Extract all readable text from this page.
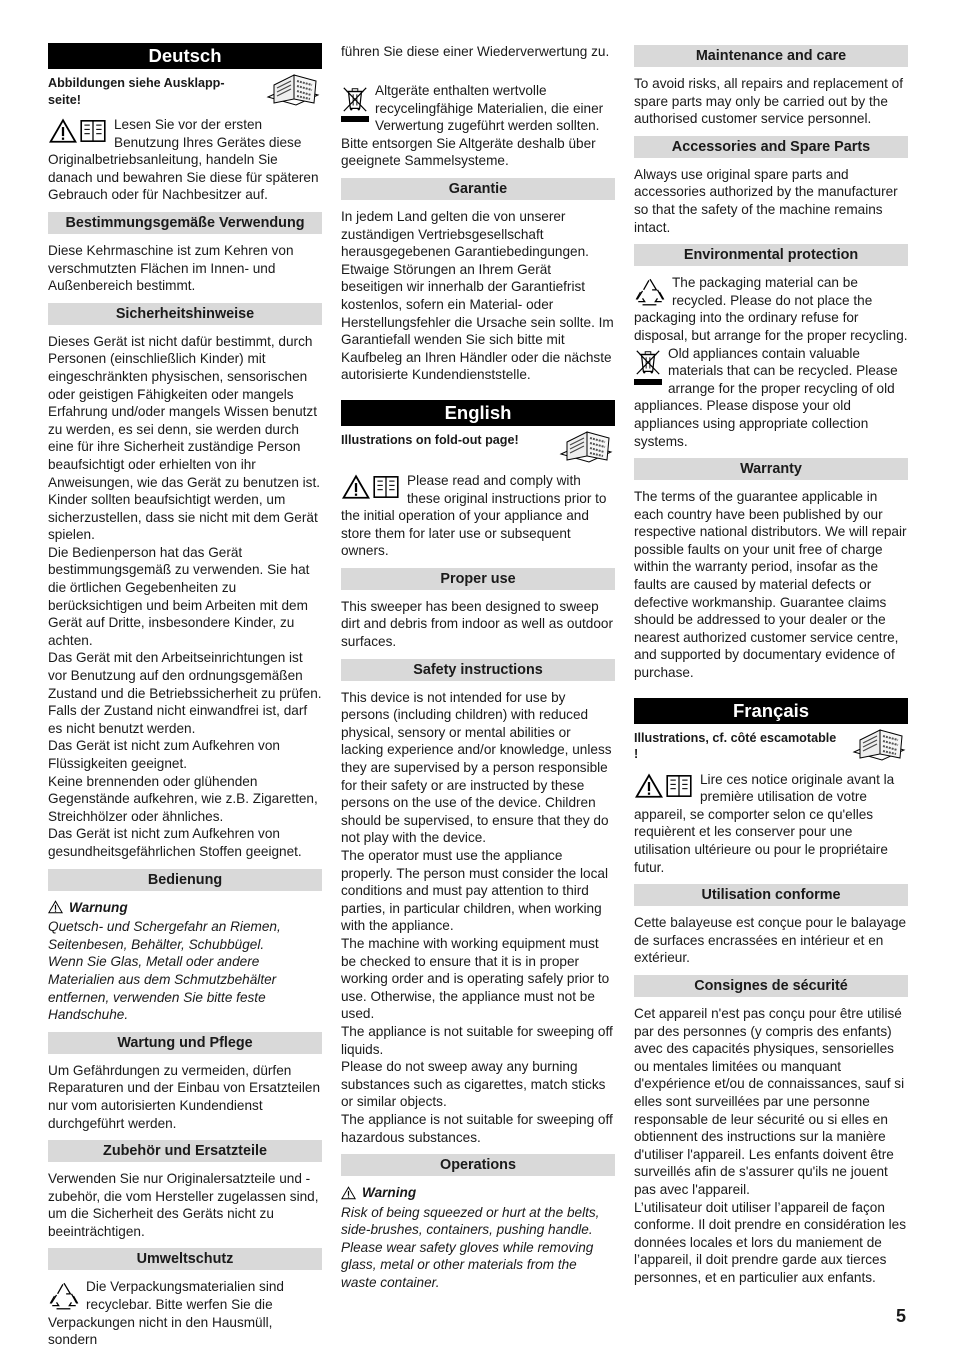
Deutsch
Abbildungen siehe Ausklapp-seite!

Lesen Sie vor der ersten Benutzung Ihres Gerätes diese Originalbetriebsanleitung, handeln Sie danach und bewahren Sie diese für späteren Gebrauch oder für Nachbesitzer auf.

Bestimmungsgemäße Verwendung

Diese Kehrmaschine ist zum Kehren von verschmutzten Flächen im Innen- und Außenbereich bestimmt.

Sicherheitshinweise

Dieses Gerät ist nicht dafür bestimmt, durch Personen (einschließlich Kinder) mit eingeschränkten physischen, sensorischen oder geistigen Fähigkeiten oder mangels Erfahrung und/oder mangels Wissen benutzt zu werden, es sei denn, sie werden durch eine für ihre Sicherheit zuständige Person beaufsichtigt oder erhielten von ihr Anweisungen, wie das Gerät zu benutzen ist. Kinder sollten beaufsichtigt werden, um sicherzustellen, dass sie nicht mit dem Gerät spielen.

Die Bedienperson hat das Gerät bestimmungsgemäß zu verwenden. Sie hat die örtlichen Gegebenheiten zu berücksichtigen und beim Arbeiten mit dem Gerät auf Dritte, insbesondere Kinder, zu achten.

Das Gerät mit den Arbeitseinrichtungen ist vor Benutzung auf den ordnungsgemäßen Zustand und die Betriebssicherheit zu prüfen. Falls der Zustand nicht einwandfrei ist, darf es nicht benutzt werden.

Das Gerät ist nicht zum Aufkehren von Flüssigkeiten geeignet.

Keine brennenden oder glühenden Gegenstände aufkehren, wie z.B. Zigaretten, Streichhölzer oder ähnliches.

Das Gerät ist nicht zum Aufkehren von gesundheitsgefährlichen Stoffen geeignet.

Bedienung
Warnung

Quetsch- und Schergefahr an Riemen, Seitenbesen, Behälter, Schubbügel.

Wenn Sie Glas, Metall oder andere Materialien aus dem Schmutzbehälter entfernen, verwenden Sie bitte feste Handschuhe.

Wartung und Pflege

Um Gefährdungen zu vermeiden, dürfen Reparaturen und der Einbau von Ersatzteilen nur vom autorisierten Kundendienst durchgeführt werden.

Zubehör und Ersatzteile

Verwenden Sie nur Originalersatzteile und -zubehör, die vom Hersteller zugelassen sind, um die Sicherheit des Geräts nicht zu beeinträchtigen.

Umweltschutz

Die Verpackungsmaterialien sind recyclebar. Bitte werfen Sie die Verpackungen nicht in den Hausmüll, sondern

führen Sie diese einer Wiederverwertung zu.

Altgeräte enthalten wertvolle recycelingfähige Materialien, die einer Verwertung zugeführt werden sollten. Bitte entsorgen Sie Altgeräte deshalb über geeignete Sammelsysteme.

Garantie

In jedem Land gelten die von unserer zuständigen Vertriebsgesellschaft herausgegebenen Garantiebedingungen. Etwaige Störungen an Ihrem Gerät beseitigen wir innerhalb der Garantiefrist kostenlos, sofern ein Material- oder Herstellungsfehler die Ursache sein sollte. Im Garantiefall wenden Sie sich bitte mit Kaufbeleg an Ihren Händler oder die nächste autorisierte Kundendienststelle.

English
Illustrations on fold-out page!

Please read and comply with these original instructions prior to the initial operation of your appliance and store them for later use or subsequent owners.

Proper use

This sweeper has been designed to sweep dirt and debris from indoor as well as outdoor surfaces.

Safety instructions

This device is not intended for use by persons (including children) with reduced physical, sensory or mental abilities or lacking experience and/or knowledge, unless they are supervised by a person responsible for their safety or are instructed by these persons on the use of the device. Children should be supervised, to ensure that they do not play with the device.

The operator must use the appliance properly. The person must consider the local conditions and must pay attention to third parties, in particular children, when working with the appliance.

The machine with working equipment must be checked to ensure that it is in proper working order and is operating safely prior to use. Otherwise, the appliance must not be used.

The appliance is not suitable for sweeping off liquids.

Please do not sweep away any burning substances such as cigarettes, match sticks or similar objects.

The appliance is not suitable for sweeping off hazardous substances.

Operations
Warning

Risk of being squeezed or hurt at the belts, side-brushes, containers, pushing handle. Please wear safety gloves while removing glass, metal or other materials from the waste container.

Maintenance and care

To avoid risks, all repairs and replacement of spare parts may only be carried out by the authorised customer service personnel.

Accessories and Spare Parts

Always use original spare parts and accessories authorized by the manufacturer so that the safety of the machine remains intact.

Environmental protection

The packaging material can be recycled. Please do not place the packaging into the ordinary refuse for disposal, but arrange for the proper recycling.

Old appliances contain valuable materials that can be recycled. Please arrange for the proper recycling of old appliances. Please dispose your old appliances using appropriate collection systems.

Warranty

The terms of the guarantee applicable in each country have been published by our respective national distributors. We will repair possible faults on your unit free of charge within the warranty period, insofar as the faults are caused by material defects or defective workmanship. Guarantee claims should be addressed to your dealer or the nearest authorized customer service centre, and supported by documentary evidence of purchase.

Français
Illustrations, cf. côté escamotable !

Lire ces notice originale avant la première utilisation de votre appareil, se comporter selon ce qu'elles requièrent et les conserver pour une utilisation ultérieure ou pour le propriétaire futur.

Utilisation conforme

Cette balayeuse est conçue pour le balayage de surfaces encrassées en intérieur et en extérieur.

Consignes de sécurité

Cet appareil n'est pas conçu pour être utilisé par des personnes (y compris des enfants) avec des capacités physiques, sensorielles ou mentales limitées ou manquant d'expérience et/ou de connaissances, sauf si elles sont surveillées par une personne responsable de leur sécurité ou si elles en obtiennent des instructions sur la manière d'utiliser l'appareil. Les enfants doivent être surveillés afin de s'assurer qu'ils ne jouent pas avec l'appareil.

L’utilisateur doit utiliser l’appareil de façon conforme. Il doit prendre en considération les données locales et lors du maniement de l’appareil, il doit prendre garde aux tierces personnes, et en particulier aux enfants.

5
